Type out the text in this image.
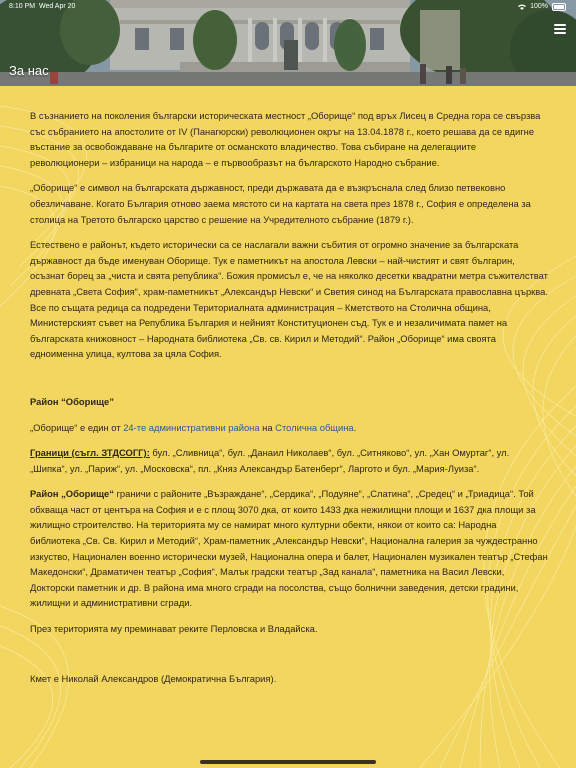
8:10 PM Wed Apr 20	100%
За нас

В съзнанието на поколения български историческата местност „Оборище“ под връх Лисец в Средна гора се свързва със събранието на апостолите от IV (Панагюрски) революционен окръг на 13.04.1878 г., което решава да се вдигне въстание за освобождаване на българите от османското владичество. Това събиране на делегациите революционери – избраници на народа – е първообразът на българското Народно събрание.

„Оборище“ е символ на българската държавност, преди държавата да е възкръснала след близо петвековно обезличаване. Когато България отново заема мястото си на картата на света през 1878 г., София е определена за столица на Третото българско царство с решение на Учредителното събрание (1879 г.).

Естествено е районът, където исторически са се наслагали важни събития от огромно значение за българската държавност да бъде именуван Оборище. Тук е паметникът на апостола Левски – най-чистият и свят българин, осъзнат борец за „чиста и свята република“. Божия промисъл е, че на няколко десетки квадратни метра съжителстват древната „Света София“, храм-паметникът „Александър Невски“ и Светия синод на Българската православна църква. Все по същата редица са подредени Териториалната администрация – Кметството на Столична община, Министерският съвет на Република България и нейният Конституционен съд. Тук е и незаличимата памет на българската книжовност – Народната библиотека „Св. св. Кирил и Методий“. Район „Оборище“ има своята едноименна улица, култова за цяла София.

Район “Оборище”

„Оборище“ е един от 24-те административни района на Столична община.

Граници (съгл. ЗТДСОГГ): бул. „Сливница“, бул. „Данаил Николаев“, бул. „Ситняково“, ул. „Хан Омуртаг“, ул. „Шипка“, ул. „Париж“, ул. „Московска“, пл. „Княз Александър Батенберг“, Ларгото и бул. „Мария-Луиза“.

Район „Оборище“ граничи с районите „Възраждане“, „Сердика“, „Подуяне“, „Слатина“, „Средец“ и „Триадица“. Той обхваща част от центъра на София и е с площ 3070 дка, от които 1433 дка нежилищни площи и 1637 дка площи за жилищно строителство. На територията му се намират много културни обекти, някои от които са: Народна библиотека „Св. Св. Кирил и Методий“, Храм-паметник „Александър Невски“, Национална галерия за чуждестранно изкуство, Национален военно исторически музей, Национална опера и балет, Национален музикален театър „Стефан Македонски“, Драматичен театър „София“, Малък градски театър „Зад канала“, паметника на Васил Левски, Докторски паметник и др. В района има много сгради на посолства, също болнични заведения, детски градини, жилищни и административни сгради.

През територията му преминават реките Перловска и Владайска.

Кмет е Николай Александров (Демократична България).
